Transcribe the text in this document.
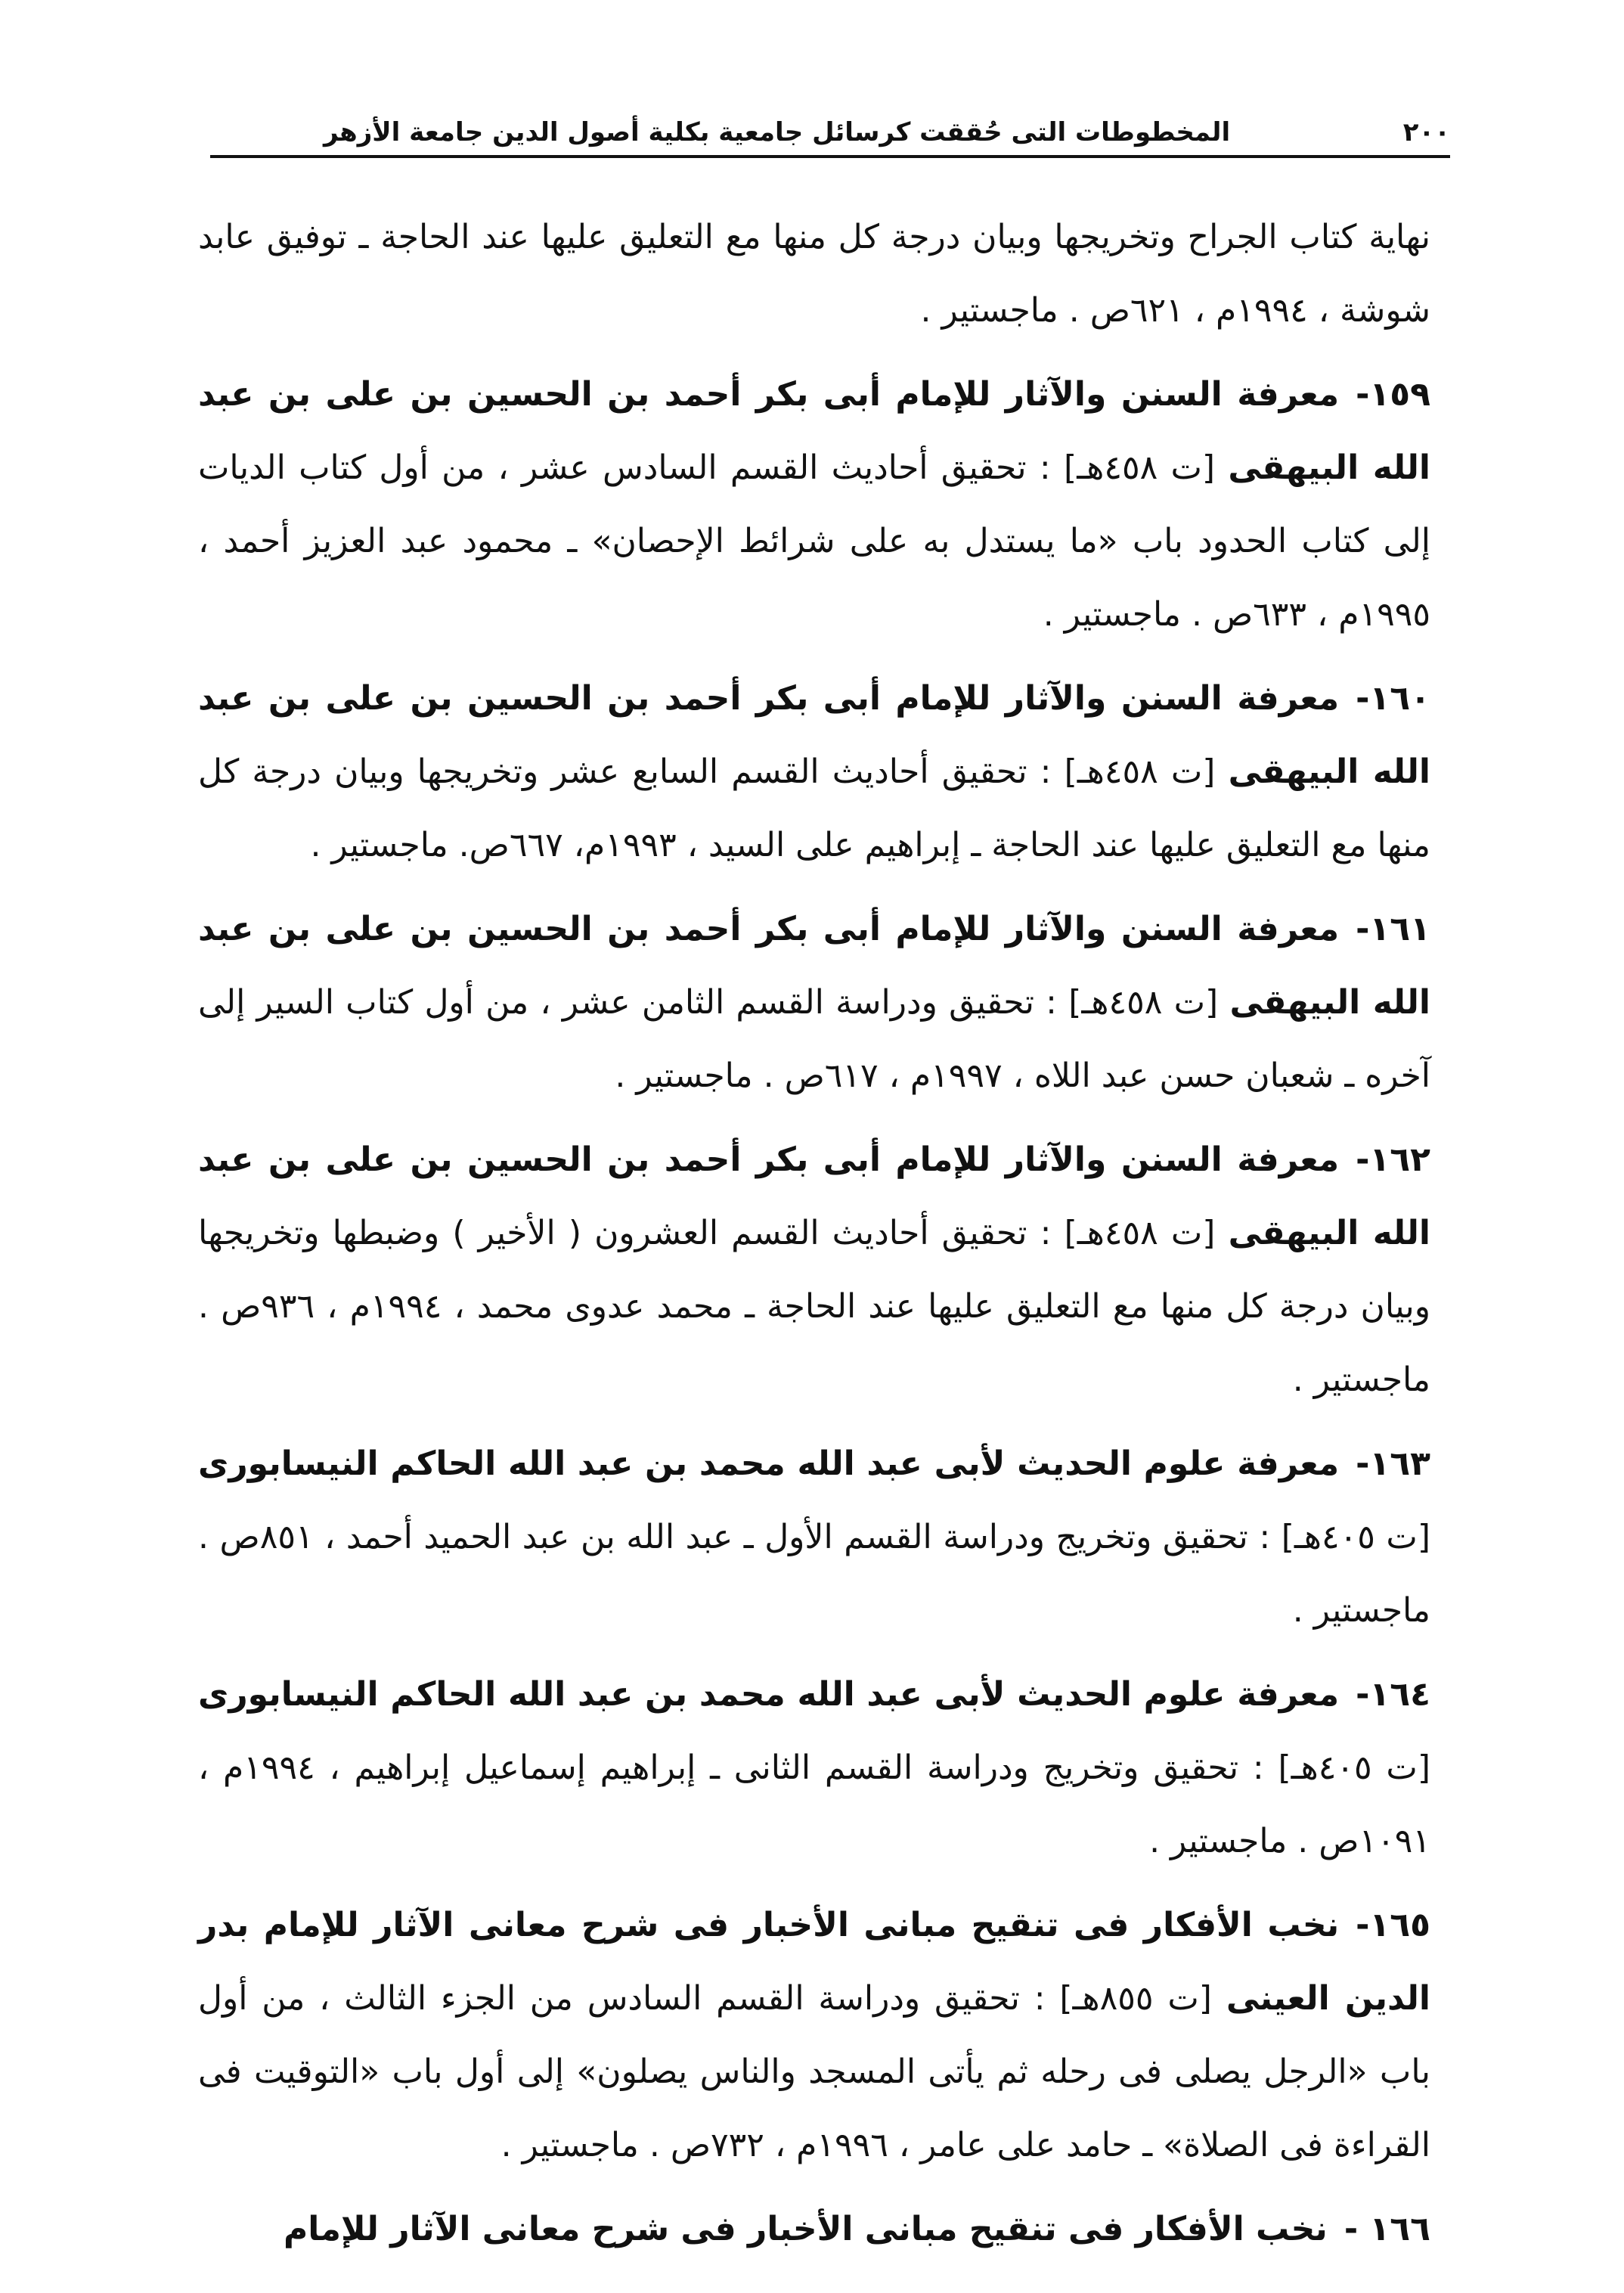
٢٠٠
المخطوطات التى حُققت كرسائل جامعية بكلية أصول الدين جامعة الأزهر

نهاية كتاب الجراح وتخريجها وبيان درجة كل منها مع التعليق عليها عند الحاجة ـ توفيق عابد شوشة ، ١٩٩٤م ، ٦٢١ص . ماجستير .

١٥٩-معرفة السنن والآثار للإمام أبى بكر أحمد بن الحسين بن على بن عبد الله البيهقى [ت ٤٥٨هـ] : تحقيق أحاديث القسم السادس عشر ، من أول كتاب الديات إلى كتاب الحدود باب «ما يستدل به على شرائط الإحصان» ـ محمود عبد العزيز أحمد ، ١٩٩٥م ، ٦٣٣ص . ماجستير .

١٦٠-معرفة السنن والآثار للإمام أبى بكر أحمد بن الحسين بن على بن عبد الله البيهقى [ت ٤٥٨هـ] : تحقيق أحاديث القسم السابع عشر وتخريجها وبيان درجة كل منها مع التعليق عليها عند الحاجة ـ إبراهيم على السيد ، ١٩٩٣م، ٦٦٧ص. ماجستير .

١٦١-معرفة السنن والآثار للإمام أبى بكر أحمد بن الحسين بن على بن عبد الله البيهقى [ت ٤٥٨هـ] : تحقيق ودراسة القسم الثامن عشر ، من أول كتاب السير إلى آخره ـ شعبان حسن عبد اللاه ، ١٩٩٧م ، ٦١٧ص . ماجستير .

١٦٢-معرفة السنن والآثار للإمام أبى بكر أحمد بن الحسين بن على بن عبد الله البيهقى [ت ٤٥٨هـ] : تحقيق أحاديث القسم العشرون ( الأخير ) وضبطها وتخريجها وبيان درجة كل منها مع التعليق عليها عند الحاجة ـ محمد عدوى محمد ، ١٩٩٤م ، ٩٣٦ص . ماجستير .

١٦٣-معرفة علوم الحديث لأبى عبد الله محمد بن عبد الله الحاكم النيسابورى [ت ٤٠٥هـ] : تحقيق وتخريج ودراسة القسم الأول ـ عبد الله بن عبد الحميد أحمد ، ٨٥١ص . ماجستير .

١٦٤-معرفة علوم الحديث لأبى عبد الله محمد بن عبد الله الحاكم النيسابورى [ت ٤٠٥هـ] : تحقيق وتخريج ودراسة القسم الثانى ـ إبراهيم إسماعيل إبراهيم ، ١٩٩٤م ، ١٠٩١ص . ماجستير .

١٦٥-نخب الأفكار فى تنقيح مبانى الأخبار فى شرح معانى الآثار للإمام بدر الدين العينى [ت ٨٥٥هـ] : تحقيق ودراسة القسم السادس من الجزء الثالث ، من أول باب «الرجل يصلى فى رحله ثم يأتى المسجد والناس يصلون» إلى أول باب «التوقيت فى القراءة فى الصلاة» ـ حامد على عامر ، ١٩٩٦م ، ٧٣٢ص . ماجستير .

١٦٦ -نخب الأفكار فى تنقيح مبانى الأخبار فى شرح معانى الآثار للإمام
